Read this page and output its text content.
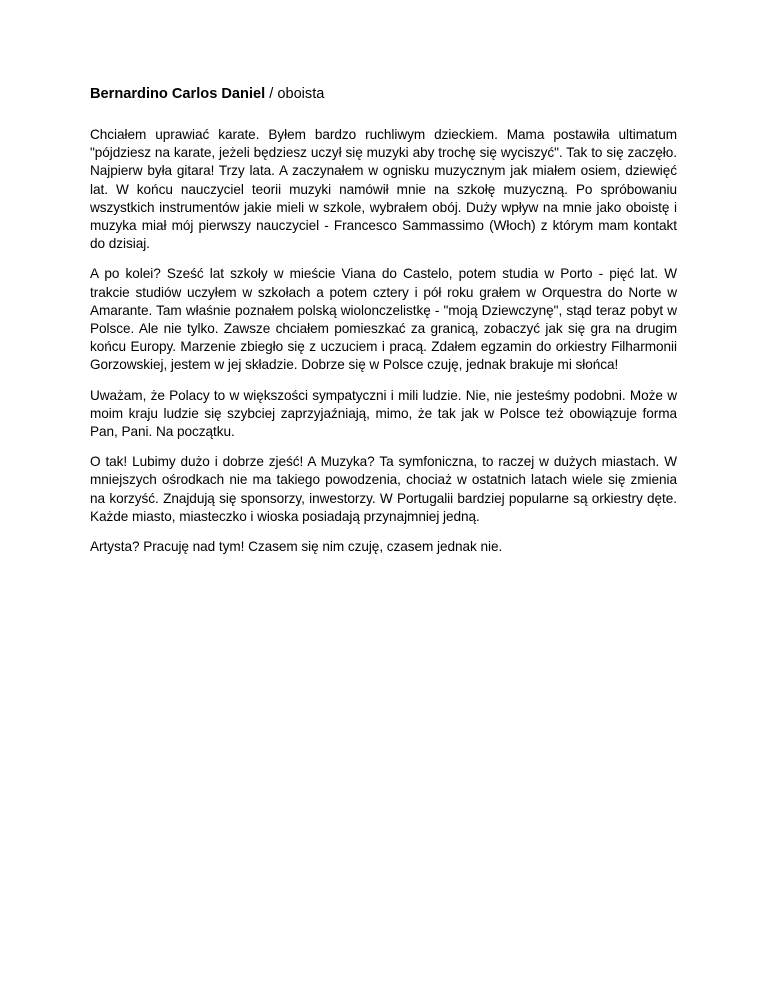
Bernardino Carlos Daniel / oboista

Chciałem uprawiać karate. Byłem bardzo ruchliwym dzieckiem. Mama postawiła ultimatum "pójdziesz na karate, jeżeli będziesz uczył się muzyki aby trochę się wyciszyć". Tak to się zaczęło. Najpierw była gitara! Trzy lata. A zaczynałem w ognisku muzycznym jak miałem osiem, dziewięć lat. W końcu nauczyciel teorii muzyki namówił mnie na szkołę muzyczną. Po spróbowaniu wszystkich instrumentów jakie mieli w szkole, wybrałem obój. Duży wpływ na mnie jako oboistę i muzyka miał mój pierwszy nauczyciel - Francesco Sammassimo (Włoch) z którym mam kontakt do dzisiaj.

A po kolei? Sześć lat szkoły w mieście Viana do Castelo, potem studia w Porto - pięć lat. W trakcie studiów uczyłem w szkołach a potem cztery i pół roku grałem w Orquestra do Norte w Amarante. Tam właśnie poznałem polską wiolonczelistkę - "moją Dziewczynę", stąd teraz pobyt w Polsce. Ale nie tylko. Zawsze chciałem pomieszkać za granicą, zobaczyć jak się gra na drugim końcu Europy. Marzenie zbiegło się z uczuciem i pracą. Zdałem egzamin do orkiestry Filharmonii Gorzowskiej, jestem w jej składzie. Dobrze się w Polsce czuję, jednak brakuje mi słońca!

Uważam, że Polacy to w większości sympatyczni i mili ludzie. Nie, nie jesteśmy podobni. Może w moim kraju ludzie się szybciej zaprzyjaźniają, mimo, że tak jak w Polsce też obowiązuje forma Pan, Pani. Na początku.

O tak! Lubimy dużo i dobrze zjeść! A Muzyka? Ta symfoniczna, to raczej w dużych miastach. W mniejszych ośrodkach nie ma takiego powodzenia, chociaż w ostatnich latach wiele się zmienia na korzyść. Znajdują się sponsorzy, inwestorzy. W Portugalii bardziej popularne są orkiestry dęte. Każde miasto, miasteczko i wioska posiadają przynajmniej jedną.

Artysta? Pracuję nad tym! Czasem się nim czuję, czasem jednak nie.
